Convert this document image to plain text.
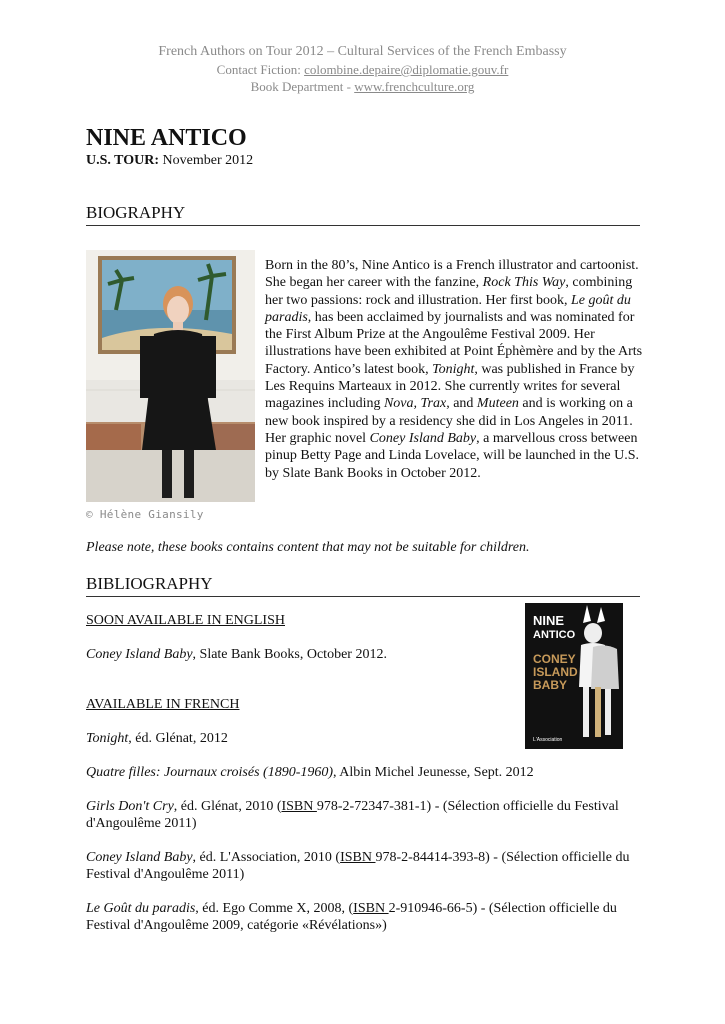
French Authors on Tour 2012 – Cultural Services of the French Embassy
Contact Fiction: colombine.depaire@diplomatie.gouv.fr
Book Department - www.frenchculture.org
NINE ANTICO
U.S. TOUR: November 2012
BIOGRAPHY
© Hélène Giansily
Born in the 80’s, Nine Antico is a French illustrator and cartoonist. She began her career with the fanzine, Rock This Way, combining her two passions: rock and illustration. Her first book, Le goût du paradis, has been acclaimed by journalists and was nominated for the First Album Prize at the Angoulême Festival 2009. Her illustrations have been exhibited at Point Éphèmère and by the Arts Factory. Antico’s latest book, Tonight, was published in France by Les Requins Marteaux in 2012. She currently writes for several magazines including Nova, Trax, and Muteen and is working on a new book inspired by a residency she did in Los Angeles in 2011. Her graphic novel Coney Island Baby, a marvellous cross between pinup Betty Page and Linda Lovelace, will be launched in the U.S. by Slate Bank Books in October 2012.
Please note, these books contains content that may not be suitable for children.
BIBLIOGRAPHY
SOON AVAILABLE IN ENGLISH
Coney Island Baby, Slate Bank Books, October 2012.
NINE
ANTICO
CONEY
ISLAND
BABY
L'Association
AVAILABLE IN FRENCH
Tonight, éd. Glénat, 2012
Quatre filles: Journaux croisés (1890-1960), Albin Michel Jeunesse, Sept. 2012
Girls Don't Cry, éd. Glénat, 2010 (ISBN 978-2-72347-381-1) - (Sélection officielle du Festival d'Angoulême 2011)
Coney Island Baby, éd. L'Association, 2010 (ISBN 978-2-84414-393-8) - (Sélection officielle du Festival d'Angoulême 2011)
Le Goût du paradis, éd. Ego Comme X, 2008, (ISBN 2-910946-66-5) - (Sélection officielle du Festival d'Angoulême 2009, catégorie «Révélations»)
